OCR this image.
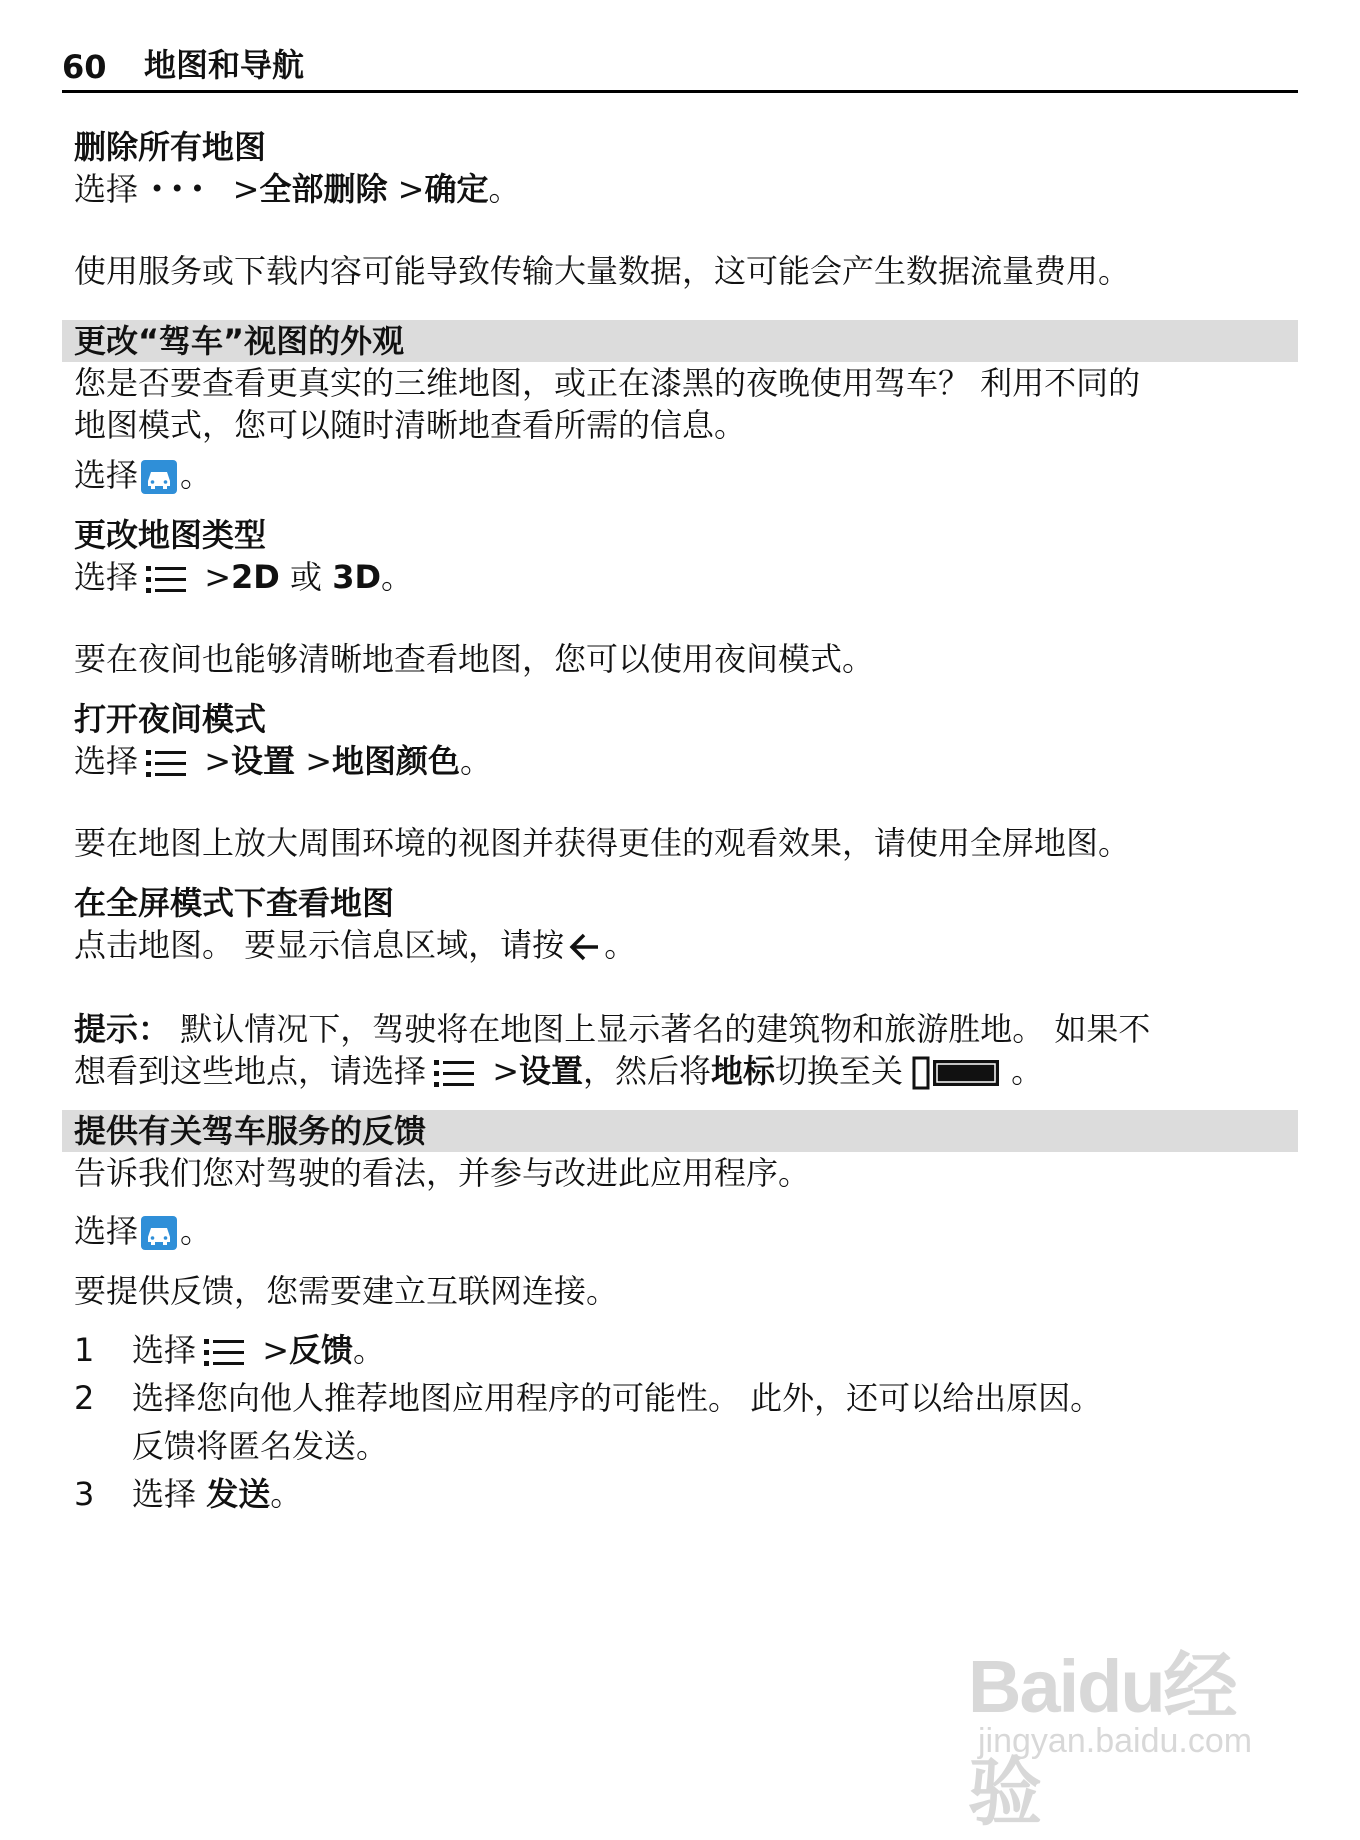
60	地图和导航
删除所有地图
选择 ••• >全部删除 >确定。
使用服务或下载内容可能导致传输大量数据，这可能会产生数据流量费用。
更改“驾车”视图的外观
您是否要查看更真实的三维地图，或正在漆黑的夜晚使用驾车？ 利用不同的
地图模式，您可以随时清晰地查看所需的信息。
选择 。
更改地图类型
选择 >2D 或 3D。
要在夜间也能够清晰地查看地图，您可以使用夜间模式。
打开夜间模式
选择 >设置 >地图颜色。
要在地图上放大周围环境的视图并获得更佳的观看效果，请使用全屏地图。
在全屏模式下查看地图
点击地图。 要显示信息区域，请按 。
提示： 默认情况下，驾驶将在地图上显示著名的建筑物和旅游胜地。 如果不
想看到这些地点，请选择 >设置，然后将地标切换至关	。
提供有关驾车服务的反馈
告诉我们您对驾驶的看法，并参与改进此应用程序。
选择 。
要提供反馈，您需要建立互联网连接。
1	选择 >反馈。
2	选择您向他人推荐地图应用程序的可能性。 此外，还可以给出原因。
反馈将匿名发送。
3	选择 发送。
Baidu经验
jingyan.baidu.com
